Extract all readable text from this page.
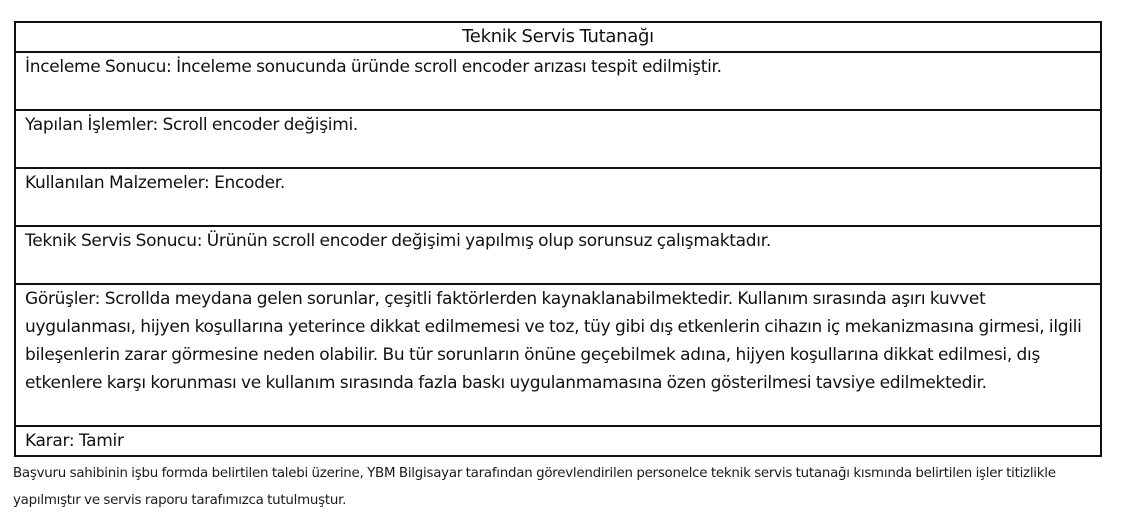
Teknik Servis Tutanağı
İnceleme Sonucu: İnceleme sonucunda üründe scroll encoder arızası tespit edilmiştir.
Yapılan İşlemler: Scroll encoder değişimi.
Kullanılan Malzemeler: Encoder.
Teknik Servis Sonucu: Ürünün scroll encoder değişimi yapılmış olup sorunsuz çalışmaktadır.
Görüşler: Scrollda meydana gelen sorunlar, çeşitli faktörlerden kaynaklanabilmektedir. Kullanım sırasında aşırı kuvvet uygulanması, hijyen koşullarına yeterince dikkat edilmemesi ve toz, tüy gibi dış etkenlerin cihazın iç mekanizmasına girmesi, ilgili bileşenlerin zarar görmesine neden olabilir. Bu tür sorunların önüne geçebilmek adına, hijyen koşullarına dikkat edilmesi, dış etkenlere karşı korunması ve kullanım sırasında fazla baskı uygulanmamasına özen gösterilmesi tavsiye edilmektedir.
Karar: Tamir

Başvuru sahibinin işbu formda belirtilen talebi üzerine, YBM Bilgisayar tarafından görevlendirilen personelce teknik servis tutanağı kısmında belirtilen işler titizlikle yapılmıştır ve servis raporu tarafımızca tutulmuştur.
